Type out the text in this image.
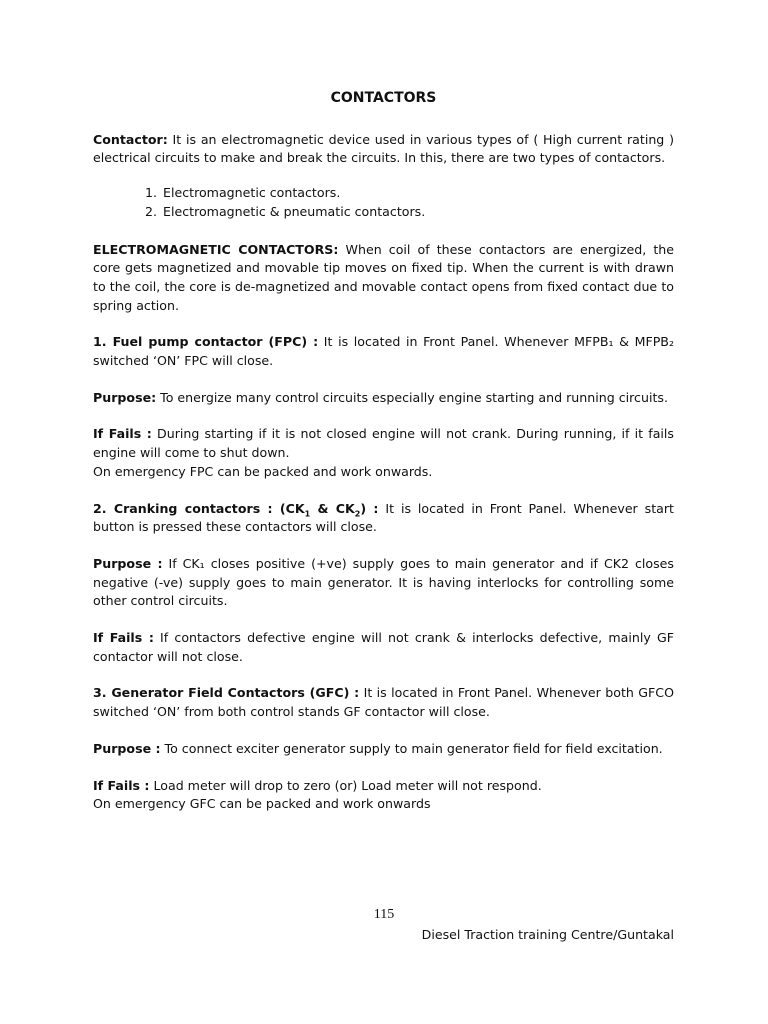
CONTACTORS

Contactor: It is an electromagnetic device used in various types of ( High current rating ) electrical circuits to make and break the circuits. In this, there are two types of contactors.

1. Electromagnetic contactors.
2. Electromagnetic & pneumatic contactors.

ELECTROMAGNETIC CONTACTORS: When coil of these contactors are energized, the core gets magnetized and movable tip moves on fixed tip. When the current is with drawn to the coil, the core is de-magnetized and movable contact opens from fixed contact due to spring action.

1. Fuel pump contactor (FPC) : It is located in Front Panel. Whenever MFPB₁ & MFPB₂ switched ‘ON’ FPC will close.

Purpose: To energize many control circuits especially engine starting and running circuits.

If Fails : During starting if it is not closed engine will not crank. During running, if it fails engine will come to shut down.
On emergency FPC can be packed and work onwards.

2. Cranking contactors : ($CK_1$ & $CK_2$) : It is located in Front Panel. Whenever start button is pressed these contactors will close.

Purpose : If CK₁ closes positive (+ve) supply goes to main generator and if CK2 closes negative (-ve) supply goes to main generator. It is having interlocks for controlling some other control circuits.

If Fails : If contactors defective engine will not crank & interlocks defective, mainly GF contactor will not close.

3. Generator Field Contactors (GFC) : It is located in Front Panel. Whenever both GFCO switched ‘ON’ from both control stands GF contactor will close.

Purpose : To connect exciter generator supply to main generator field for field excitation.

If Fails : Load meter will drop to zero (or) Load meter will not respond.
On emergency GFC can be packed and work onwards

115
Diesel Traction training Centre/Guntakal
